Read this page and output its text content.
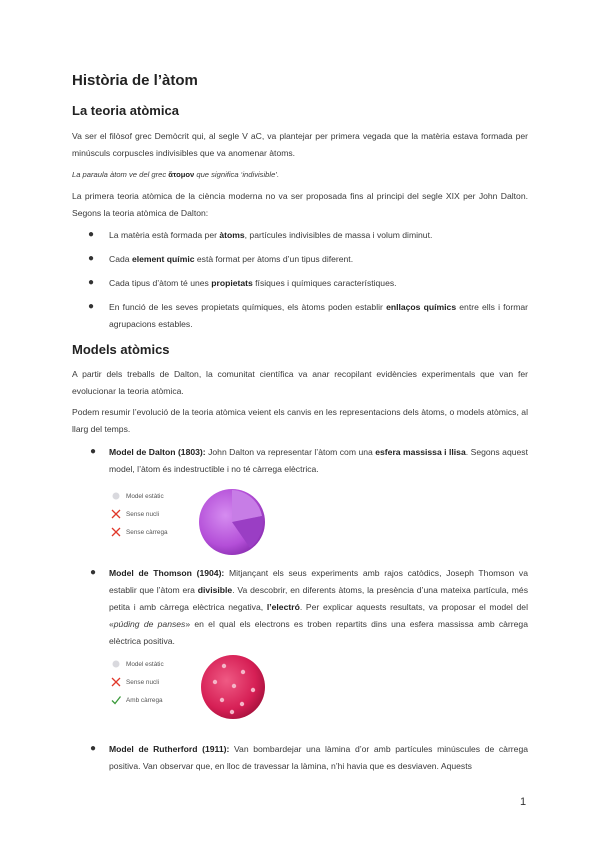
Història de l’àtom
La teoria atòmica

Va ser el filòsof grec Demòcrit qui, al segle V aC, va plantejar per primera vegada que la matèria estava formada per minúsculs corpuscles indivisibles que va anomenar àtoms.

La paraula àtom ve del grec ἄτομον que significa ‘indivisible’.

La primera teoria atòmica de la ciència moderna no va ser proposada fins al principi del segle XIX per John Dalton. Segons la teoria atòmica de Dalton:

● La matèria està formada per àtoms, partícules indivisibles de massa i volum diminut.

● Cada element químic està format per àtoms d’un tipus diferent.

● Cada tipus d’àtom té unes propietats físiques i químiques característiques.

● En funció de les seves propietats químiques, els àtoms poden establir enllaços químics entre ells i formar agrupacions estables.

Models atòmics

A partir dels treballs de Dalton, la comunitat científica va anar recopilant evidències experimentals que van fer evolucionar la teoria atòmica.

Podem resumir l’evolució de la teoria atòmica veient els canvis en les representacions dels àtoms, o models atòmics, al llarg del temps.

● Model de Dalton (1803): John Dalton va representar l’àtom com una esfera massissa i llisa. Segons aquest model, l’àtom és indestructible i no té càrrega elèctrica.

Model estàtic
Sense nucli
Sense càrrega
● Model de Thomson (1904): Mitjançant els seus experiments amb rajos catòdics, Joseph Thomson va establir que l’àtom era divisible. Va descobrir, en diferents àtoms, la presència d’una mateixa partícula, més petita i amb càrrega elèctrica negativa, l’electró. Per explicar aquests resultats, va proposar el model del «púding de panses» en el qual els electrons es troben repartits dins una esfera massissa amb càrrega elèctrica positiva.

Model estàtic
Sense nucli
Amb càrrega
● Model de Rutherford (1911): Van bombardejar una làmina d’or amb partícules minúscules de càrrega positiva. Van observar que, en lloc de travessar la làmina, n’hi havia que es desviaven. Aquests

1
